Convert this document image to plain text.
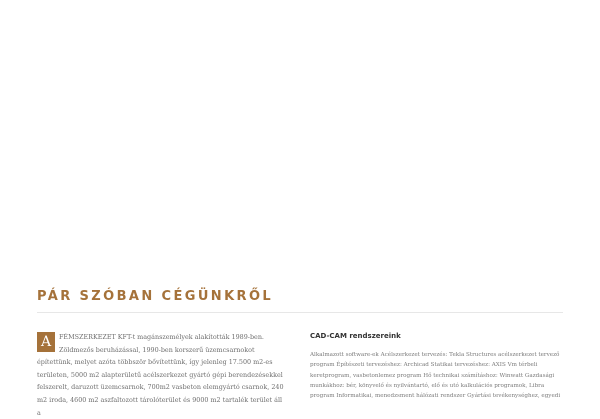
PÁR SZÓBAN CÉGÜNKRŐL
A	FÉMSZERKEZET KFT-t magánszemélyek alakították 1989-ben. Zöldmezős beruházással, 1990-ben korszerű üzemcsarnokot építettünk, melyet azóta többször bővítettünk, így jelenleg 17.500 m2-es területen, 5000 m2 alapterületű acélszerkezet gyártó gépi berendezésekkel felszerelt, daruzott üzemcsarnok, 700m2 vasbeton elemgyártó csarnok, 240 m2 iroda, 4600 m2 aszfaltozott tárolóterület és 9000 m2 tartalék terület áll a
CAD-CAM rendszereink
Alkalmazott software-ek Acélszerkezet tervezés: Tekla Structures acélszerkezet tervező program Építészeti tervezéshez: Archicad Statikai tervezéshez: AXIS Vm térbeli keretprogram, vasbetonlemez program Hő technikai számításhoz: Winwatt Gazdasági munkákhoz: bér, könyvelő és nyilvántartó, elő és utó kalkulációs programok, Libra program Informatikai, menedzsment hálózati rendszer Gyártási tevékenységhez, egyedi
